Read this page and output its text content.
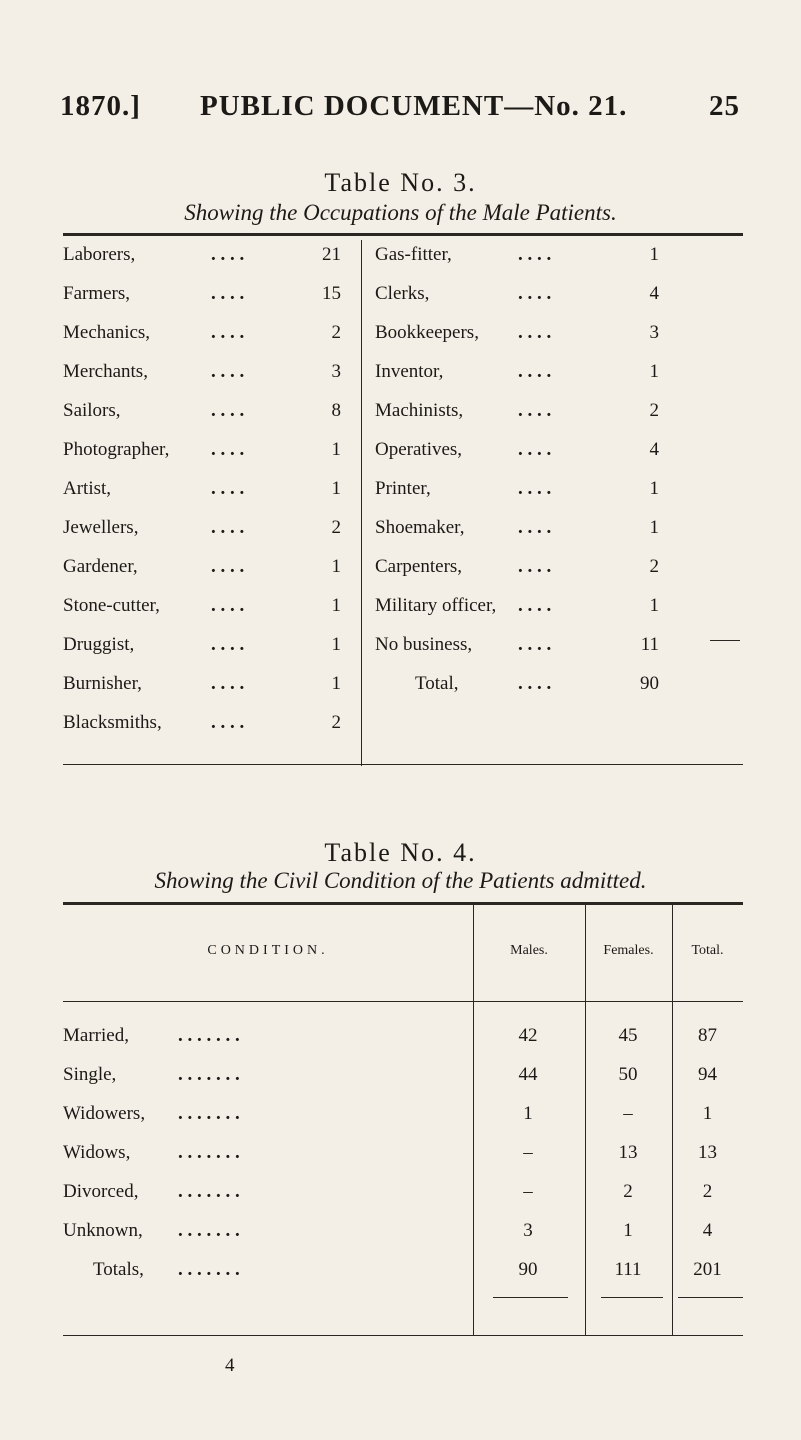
1870.] PUBLIC DOCUMENT—No. 21.	25
Table No. 3.
Showing the Occupations of the Male Patients.
Laborers,	. . . .	21
Farmers,	. . . .	15
Mechanics,	. . . .	2
Merchants,	. . . .	3
Sailors,	. . . .	8
Photographer, . . . .	1
Artist,	. . . .	1
Jewellers,	. . . .	2
Gardener,	. . . .	1
Stone-cutter,	. . . .	1
Druggist,	. . . .	1
Burnisher,	. . . .	1
Blacksmiths,	. . . .	2
Gas-fitter,	. . . .	1
Clerks,	. . . .	4
Bookkeepers, . . . .	3
Inventor,	. . . .	1
Machinists,	. . . .	2
Operatives,	. . . .	4
Printer,	. . . .	1
Shoemaker,	. . . .	1
Carpenters,	. . . .	2
Military officer, . . . .	1
No business, . . . .	11
Total,	. . . .	90
Table No. 4.
Showing the Civil Condition of the Patients admitted.
CONDITION.	Males.	Females.	Total.
Married,	. . . . . . .	42	45	87
Single,	. . . . . . .	44	50	94
Widowers, . . . . . . .	1	–	1
Widows,	. . . . . . .	–	13	13
Divorced, . . . . . . .	–	2	2
Unknown, . . . . . . .	3	1	4
Totals, . . . . . . .	90	111	201
4
